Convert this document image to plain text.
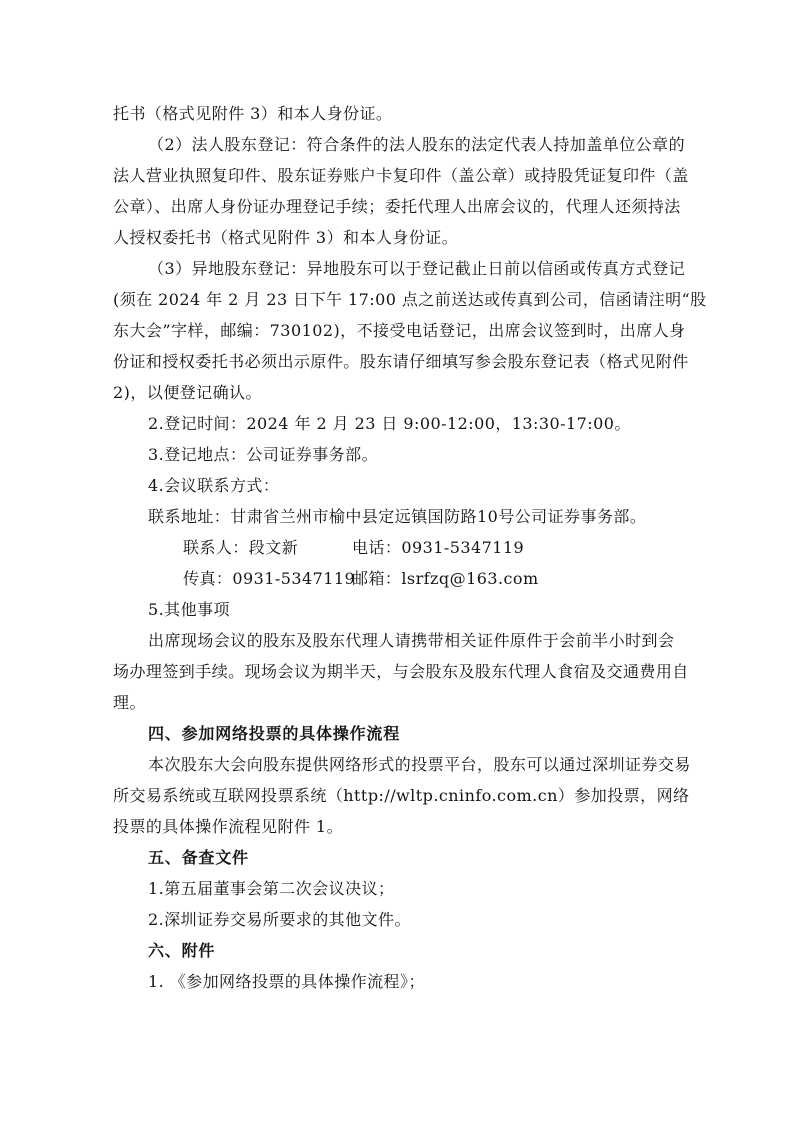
托书（格式见附件 3）和本人身份证。
（2）法人股东登记：符合条件的法人股东的法定代表人持加盖单位公章的
法人营业执照复印件、股东证券账户卡复印件（盖公章）或持股凭证复印件（盖
公章）、出席人身份证办理登记手续；委托代理人出席会议的，代理人还须持法
人授权委托书（格式见附件 3）和本人身份证。
（3）异地股东登记：异地股东可以于登记截止日前以信函或传真方式登记
(须在 2024 年 2 月 23 日下午 17:00 点之前送达或传真到公司，信函请注明“股
东大会”字样，邮编：730102)，不接受电话登记，出席会议签到时，出席人身
份证和授权委托书必须出示原件。股东请仔细填写参会股东登记表（格式见附件
2)，以便登记确认。
2.登记时间：2024 年 2 月 23 日 9:00-12:00，13:30-17:00。
3.登记地点：公司证券事务部。
4.会议联系方式：
联系地址：甘肃省兰州市榆中县定远镇国防路10号公司证券事务部。
联系人：段文新	电话：0931-5347119
传真：0931-5347119邮箱：lsrfzq@163.com
5.其他事项
出席现场会议的股东及股东代理人请携带相关证件原件于会前半小时到会
场办理签到手续。现场会议为期半天，与会股东及股东代理人食宿及交通费用自
理。
四、参加网络投票的具体操作流程
本次股东大会向股东提供网络形式的投票平台，股东可以通过深圳证券交易
所交易系统或互联网投票系统（http://wltp.cninfo.com.cn）参加投票，网络
投票的具体操作流程见附件 1。
五、备查文件
1.第五届董事会第二次会议决议；
2.深圳证券交易所要求的其他文件。
六、附件
1. 《参加网络投票的具体操作流程》；
